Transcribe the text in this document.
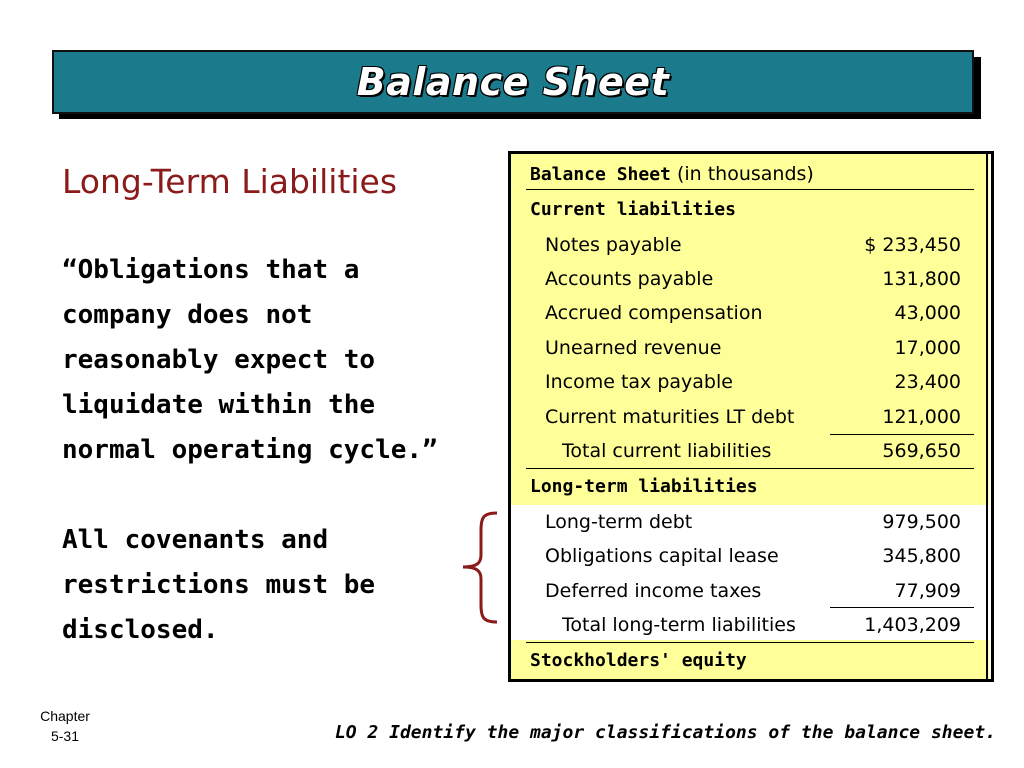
Balance Sheet
Long-Term Liabilities
“Obligations that a company does not reasonably expect to liquidate within the normal operating cycle.”
All covenants and restrictions must be disclosed.
Balance Sheet (in thousands)
Current liabilities
Notes payable	$ 233,450
Accounts payable	131,800
Accrued compensation	43,000
Unearned revenue	17,000
Income tax payable	23,400
Current maturities LT debt	121,000
Total current liabilities	569,650
Long-term liabilities
Long-term debt	979,500
Obligations capital lease	345,800
Deferred income taxes	77,909
Total long-term liabilities	1,403,209
Stockholders' equity
Chapter
5-31	LO 2 Identify the major classifications of the balance sheet.
